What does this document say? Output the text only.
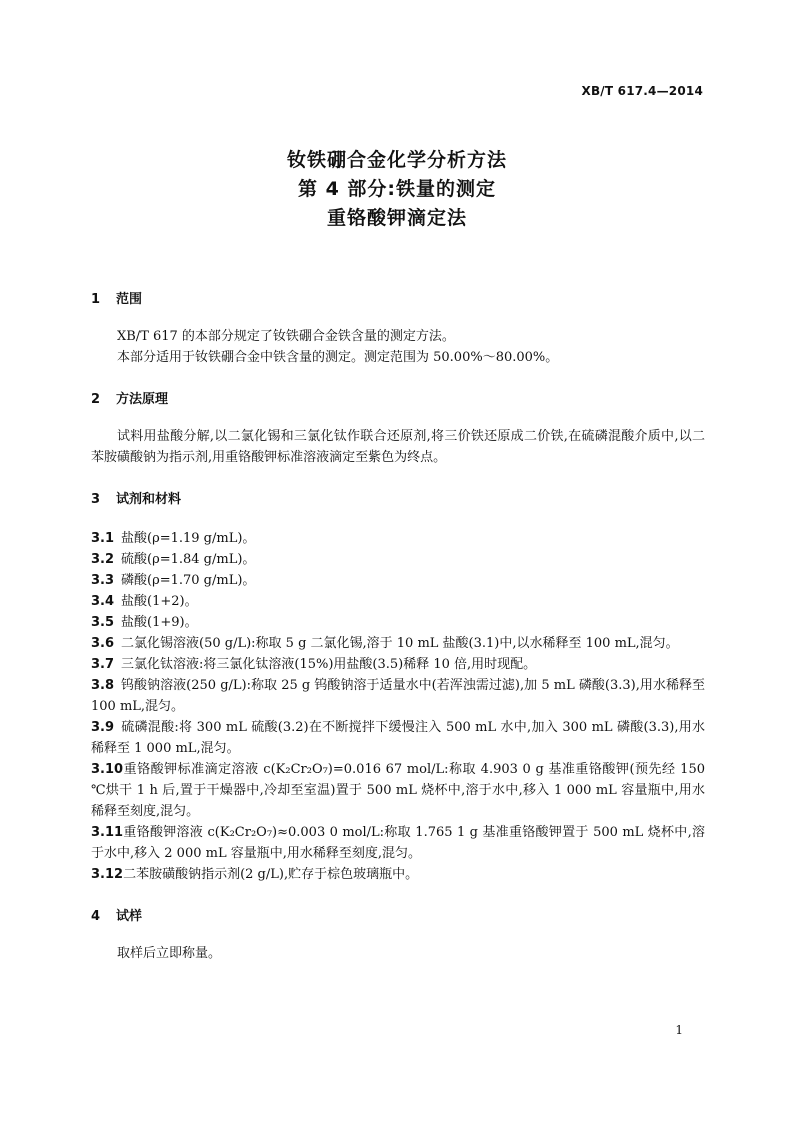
XB/T 617.4—2014
钕铁硼合金化学分析方法
第 4 部分:铁量的测定
重铬酸钾滴定法
1 范围

XB/T 617 的本部分规定了钕铁硼合金铁含量的测定方法。

本部分适用于钕铁硼合金中铁含量的测定。测定范围为 50.00%～80.00%。

2 方法原理

试料用盐酸分解,以二氯化锡和三氯化钛作联合还原剂,将三价铁还原成二价铁,在硫磷混酸介质中,以二苯胺磺酸钠为指示剂,用重铬酸钾标准溶液滴定至紫色为终点。

3 试剂和材料

3.1 盐酸(ρ=1.19 g/mL)。

3.2 硫酸(ρ=1.84 g/mL)。

3.3 磷酸(ρ=1.70 g/mL)。

3.4 盐酸(1+2)。

3.5 盐酸(1+9)。

3.6 二氯化锡溶液(50 g/L):称取 5 g 二氯化锡,溶于 10 mL 盐酸(3.1)中,以水稀释至 100 mL,混匀。

3.7 三氯化钛溶液:将三氯化钛溶液(15%)用盐酸(3.5)稀释 10 倍,用时现配。

3.8 钨酸钠溶液(250 g/L):称取 25 g 钨酸钠溶于适量水中(若浑浊需过滤),加 5 mL 磷酸(3.3),用水稀释至 100 mL,混匀。

3.9 硫磷混酸:将 300 mL 硫酸(3.2)在不断搅拌下缓慢注入 500 mL 水中,加入 300 mL 磷酸(3.3),用水稀释至 1 000 mL,混匀。

3.10重铬酸钾标准滴定溶液 c(K₂Cr₂O₇)=0.016 67 mol/L:称取 4.903 0 g 基准重铬酸钾(预先经 150 ℃烘干 1 h 后,置于干燥器中,冷却至室温)置于 500 mL 烧杯中,溶于水中,移入 1 000 mL 容量瓶中,用水稀释至刻度,混匀。

3.11重铬酸钾溶液 c(K₂Cr₂O₇)≈0.003 0 mol/L:称取 1.765 1 g 基准重铬酸钾置于 500 mL 烧杯中,溶于水中,移入 2 000 mL 容量瓶中,用水稀释至刻度,混匀。

3.12二苯胺磺酸钠指示剂(2 g/L),贮存于棕色玻璃瓶中。

4 试样

取样后立即称量。

1
